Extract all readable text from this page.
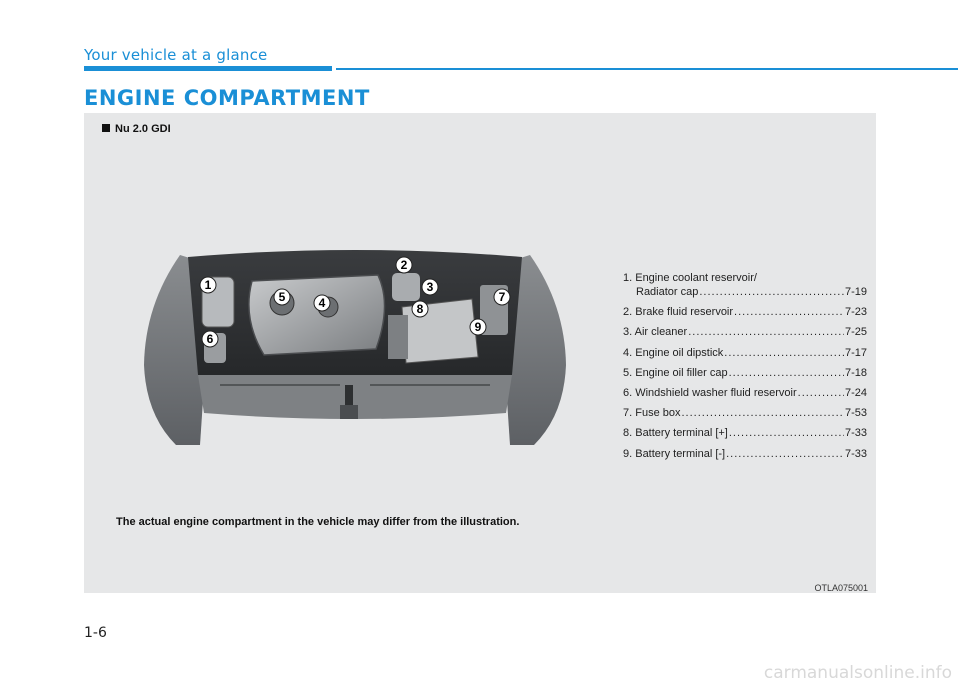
Your vehicle at a glance
ENGINE COMPARTMENT
Nu 2.0 GDI
1
2
3
4
5
6
7
8
9
1. Engine coolant reservoir/
Radiator cap .....	7-19
2. Brake fluid reservoir .....	7-23
3. Air cleaner .....	7-25
4. Engine oil dipstick .....	7-17
5. Engine oil filler cap .....	7-18
6. Windshield washer fluid reservoir .....	7-24
7. Fuse box .....	7-53
8. Battery terminal [+] .....	7-33
9. Battery terminal [-] .....	7-33
The actual engine compartment in the vehicle may differ from the illustration.
OTLA075001
1-6
carmanualsonline.info
